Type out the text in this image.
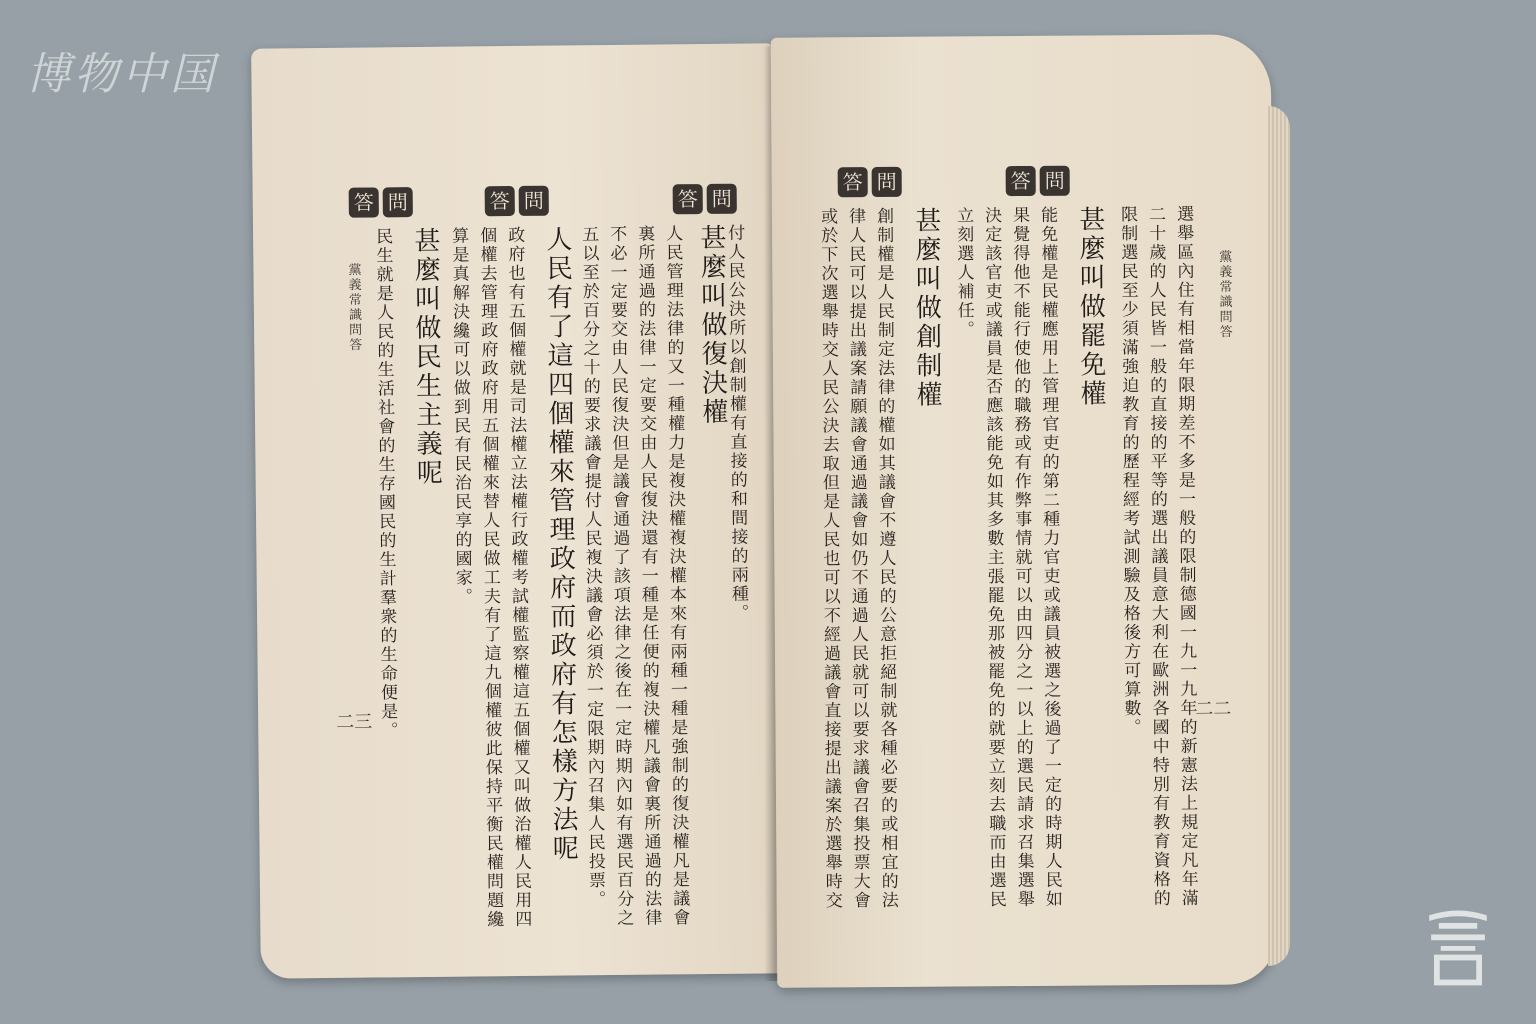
博物中国
黨義常識問答
二三
問
答	問
答	問
答
付人民公決所以創制權有直接的和間接的兩種。
甚麼叫做復決權
人民管理法律的又一種權力是複決權複決權本來有兩種一種是強制的復決權凡是議會
裏所通過的法律一定要交由人民復決還有一種是任便的複決權凡議會裏所通過的法律
不必一定要交由人民復決但是議會通過了該項法律之後在一定時期內如有選民百分之
五以至於百分之十的要求議會提付人民複決議會必須於一定限期內召集人民投票。
人民有了這四個權來管理政府而政府有怎樣方法呢
政府也有五個權就是司法權立法權行政權考試權監察權這五個權又叫做治權人民用四
個權去管理政府政府用五個權來替人民做工夫有了這九個權彼此保持平衡民權問題纔
算是真解決纔可以做到民有民治民享的國家。
甚麼叫做民生主義呢
民生就是人民的生活社會的生存國民的生計羣衆的生命便是。	黨義常識問答
二二
問
答
問
答
選舉區內住有相當年限期差不多是一般的限制德國一九一九年的新憲法上規定凡年滿
二十歲的人民皆一般的直接的平等的選出議員意大利在歐洲各國中特別有教育資格的
限制選民至少須滿強迫教育的歷程經考試測驗及格後方可算數。
甚麼叫做罷免權
能免權是民權應用上管理官吏的第二種力官吏或議員被選之後過了一定的時期人民如
果覺得他不能行使他的職務或有作弊事情就可以由四分之一以上的選民請求召集選舉
決定該官吏或議員是否應該能免如其多數主張罷免那被罷免的就要立刻去職而由選民
立刻選人補任。
甚麼叫做創制權
創制權是人民制定法律的權如其議會不遵人民的公意拒絕制就各種必要的或相宜的法
律人民可以提出議案請願議會通過議會如仍不通過人民就可以要求議會召集投票大會
或於下次選舉時交人民公決去取但是人民也可以不經過議會直接提出議案於選舉時交
